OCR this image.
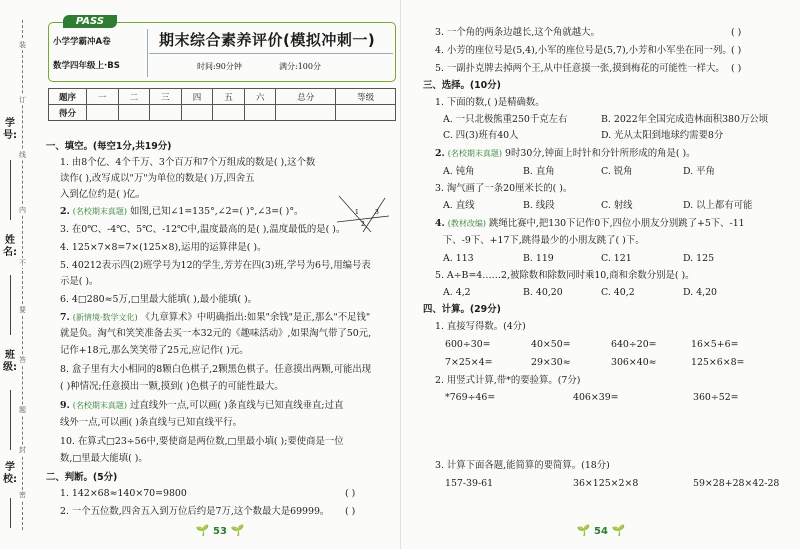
学号:
姓名:
班级:
学校:
装
订
线
内
不
要
答
题
封
密
PASS
小学学霸冲A卷
数学四年级上·BS
期末综合素养评价(模拟冲刺一)
时间:90分钟	满分:100分
题序	一	二	三	四	五	六	总分	等级
得分								
一、填空。(每空1分,共19分)
1. 由8个亿、4个千万、3个百万和7个万组成的数是( ),这个数
读作( ),改写成以"万"为单位的数是( )万,四舍五
入到亿位约是( )亿。
2. (名校期末真题) 如图,已知∠1=135°,∠2=( )°,∠3=( )°。	1
2
3
3. 在0℃、-4℃、5℃、-12℃中,温度最高的是( ),温度最低的是( )。
4. 125×7×8=7×(125×8),运用的运算律是( )。
5. 40212表示四(2)班学号为12的学生,芳芳在四(3)班,学号为6号,用编号表
示是( )。
6. 4□280≈5万,□里最大能填( ),最小能填( )。
7. (新情境·数学文化) 《九章算术》中明确指出:如果"余钱"是正,那么"不足钱"
就是负。淘气和笑笑准备去买一本32元的《趣味活动》,如果淘气带了50元,
记作+18元,那么笑笑带了25元,应记作( )元。
8. 盒子里有大小相同的8颗白色棋子,2颗黑色棋子。任意摸出两颗,可能出现
( )种情况;任意摸出一颗,摸到( )色棋子的可能性最大。
9. (名校期末真题) 过直线外一点,可以画( )条直线与已知直线垂直;过直
线外一点,可以画( )条直线与已知直线平行。
10. 在算式□23÷56中,要使商是两位数,□里最小填( );要使商是一位
数,□里最大能填( )。
二、判断。(5分)
1. 142×68≈140×70=9800	( )
2. 一个五位数,四舍五入到万位后约是7万,这个数最大是69999。 ( )
🌱 53 🌱
3. 一个角的两条边越长,这个角就越大。	( )
4. 小芳的座位号是(5,4),小军的座位号是(5,7),小芳和小军坐在同一列。 ( )
5. 一副扑克牌去掉两个王,从中任意摸一张,摸到梅花的可能性一样大。 ( )
三、选择。(10分)
1. 下面的数,( )是精确数。
A. 一只北极熊重250千克左右	B. 2022年全国完成造林面积380万公顷
C. 四(3)班有40人	D. 光从太阳到地球约需要8分
2. (名校期末真题) 9时30分,钟面上时针和分针所形成的角是( )。
A. 钝角	B. 直角	C. 锐角	D. 平角
3. 淘气画了一条20厘米长的( )。
A. 直线	B. 线段	C. 射线	D. 以上都有可能
4. (教材改编) 跳绳比赛中,把130下记作0下,四位小朋友分别跳了+5下、-11
下、-9下、+17下,跳得最少的小朋友跳了( )下。
A. 113	B. 119	C. 121	D. 125
5. A÷B=4……2,被除数和除数同时乘10,商和余数分别是( )。
A. 4,2	B. 40,20	C. 40,2	D. 4,20
四、计算。(29分)
1. 直接写得数。(4分)
600÷30=	40×50=	640÷20=	16×5+6=
7×25×4=	29×30≈	306×40≈	125×6×8=
2. 用竖式计算,带*的要验算。(7分)
*769÷46=	406×39=	360÷52=
3. 计算下面各题,能简算的要简算。(18分)
157-39-61	36×125×2×8	59×28+28×42-28
🌱 54 🌱
